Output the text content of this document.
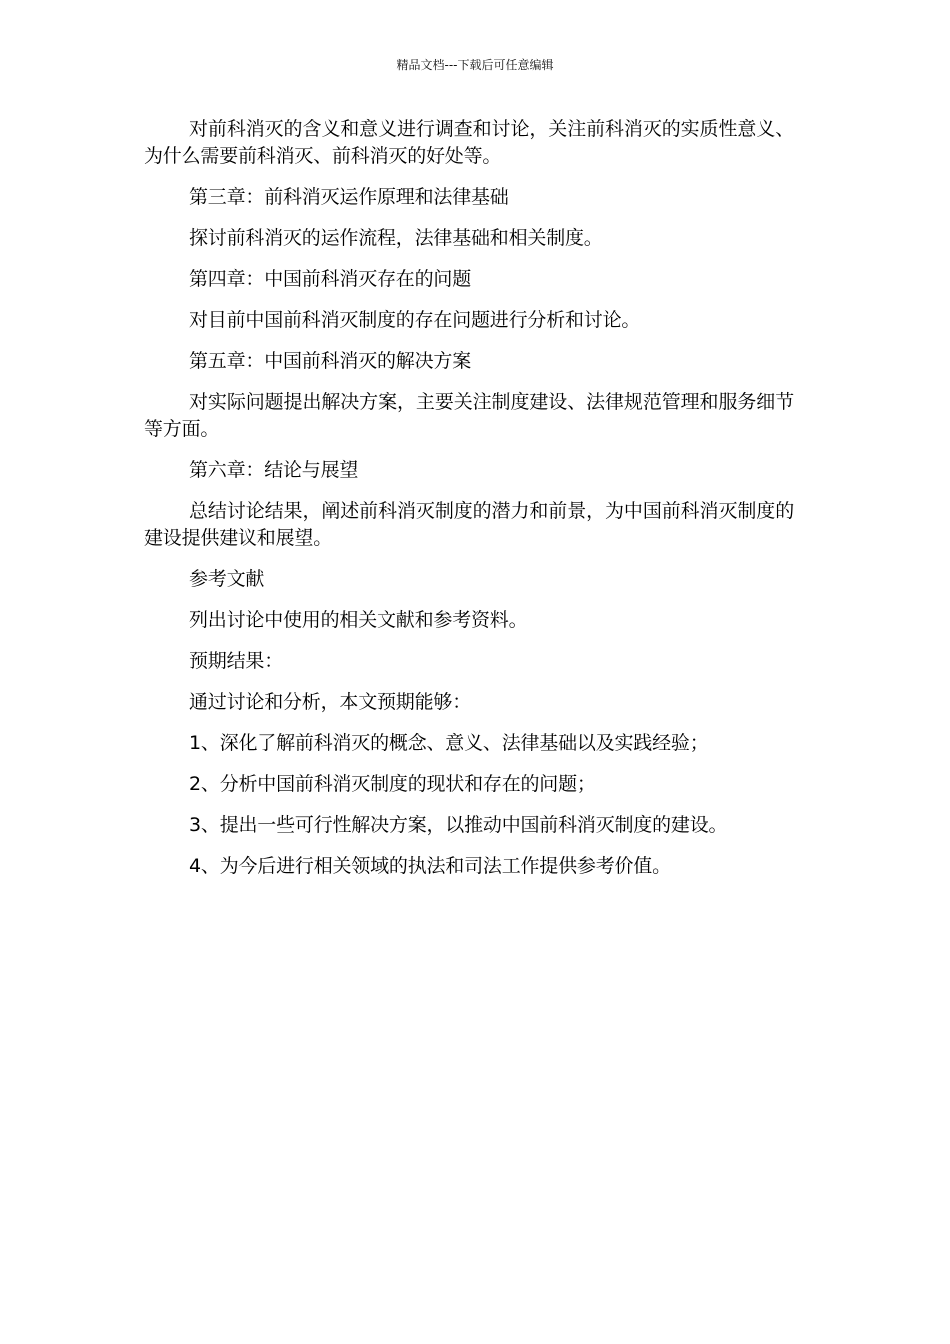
精品文档---下载后可任意编辑

对前科消灭的含义和意义进行调查和讨论，关注前科消灭的实质性意义、为什么需要前科消灭、前科消灭的好处等。

第三章：前科消灭运作原理和法律基础

探讨前科消灭的运作流程，法律基础和相关制度。

第四章：中国前科消灭存在的问题

对目前中国前科消灭制度的存在问题进行分析和讨论。

第五章：中国前科消灭的解决方案

对实际问题提出解决方案，主要关注制度建设、法律规范管理和服务细节等方面。

第六章：结论与展望

总结讨论结果，阐述前科消灭制度的潜力和前景，为中国前科消灭制度的建设提供建议和展望。

参考文献

列出讨论中使用的相关文献和参考资料。

预期结果：

通过讨论和分析，本文预期能够：

1、深化了解前科消灭的概念、意义、法律基础以及实践经验；

2、分析中国前科消灭制度的现状和存在的问题；

3、提出一些可行性解决方案，以推动中国前科消灭制度的建设。

4、为今后进行相关领域的执法和司法工作提供参考价值。
